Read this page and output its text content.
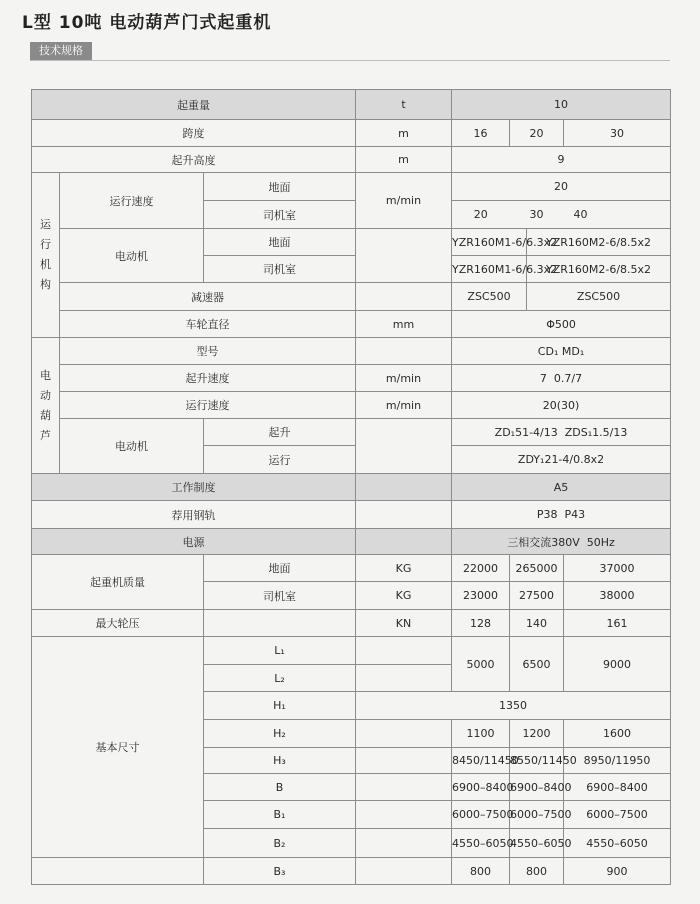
L型 10吨 电动葫芦门式起重机
技术规格
起重量			t	10			
跨度			m	16	20		30
起升高度			m	9			

运
行
机
构	运行速度	地面	m/min	20			
		司机室		20	30		40
	电动机	地面		YZR160M1-6/6.3x2		YZR160M2-6/8.5x2	
		司机室		YZR160M1-6/6.3x2		YZR160M2-6/8.5x2	
	减速器			ZSC500		ZSC500	
	车轮直径		mm	Φ500			

电
动
葫
芦	型号			CD₁ MD₁			
	起升速度		m/min	7  0.7/7			
	运行速度		m/min	20(30)			
	电动机	起升		ZD₁51-4/13  ZDS₁1.5/13			
		运行		ZDY₁21-4/0.8x2			
工作制度				A5			
荐用钢轨				P38  P43			
电源				三相交流380V  50Hz			
起重机质量		地面	KG	22000	265000		37000
		司机室	KG	23000	27500		38000
最大轮压			KN	128	140		161
基本尺寸		L₁		5000	6500		9000
		L₂					
		H₁	1350				
		H₂		1100	1200		1600
		H₃		8450/11450	8550/11450		8950/11950
		B		6900–8400	6900–8400		6900–8400
		B₁		6000–7500	6000–7500		6000–7500
		B₂		4550–6050	4550–6050		4550–6050
		B₃		800	800		900
